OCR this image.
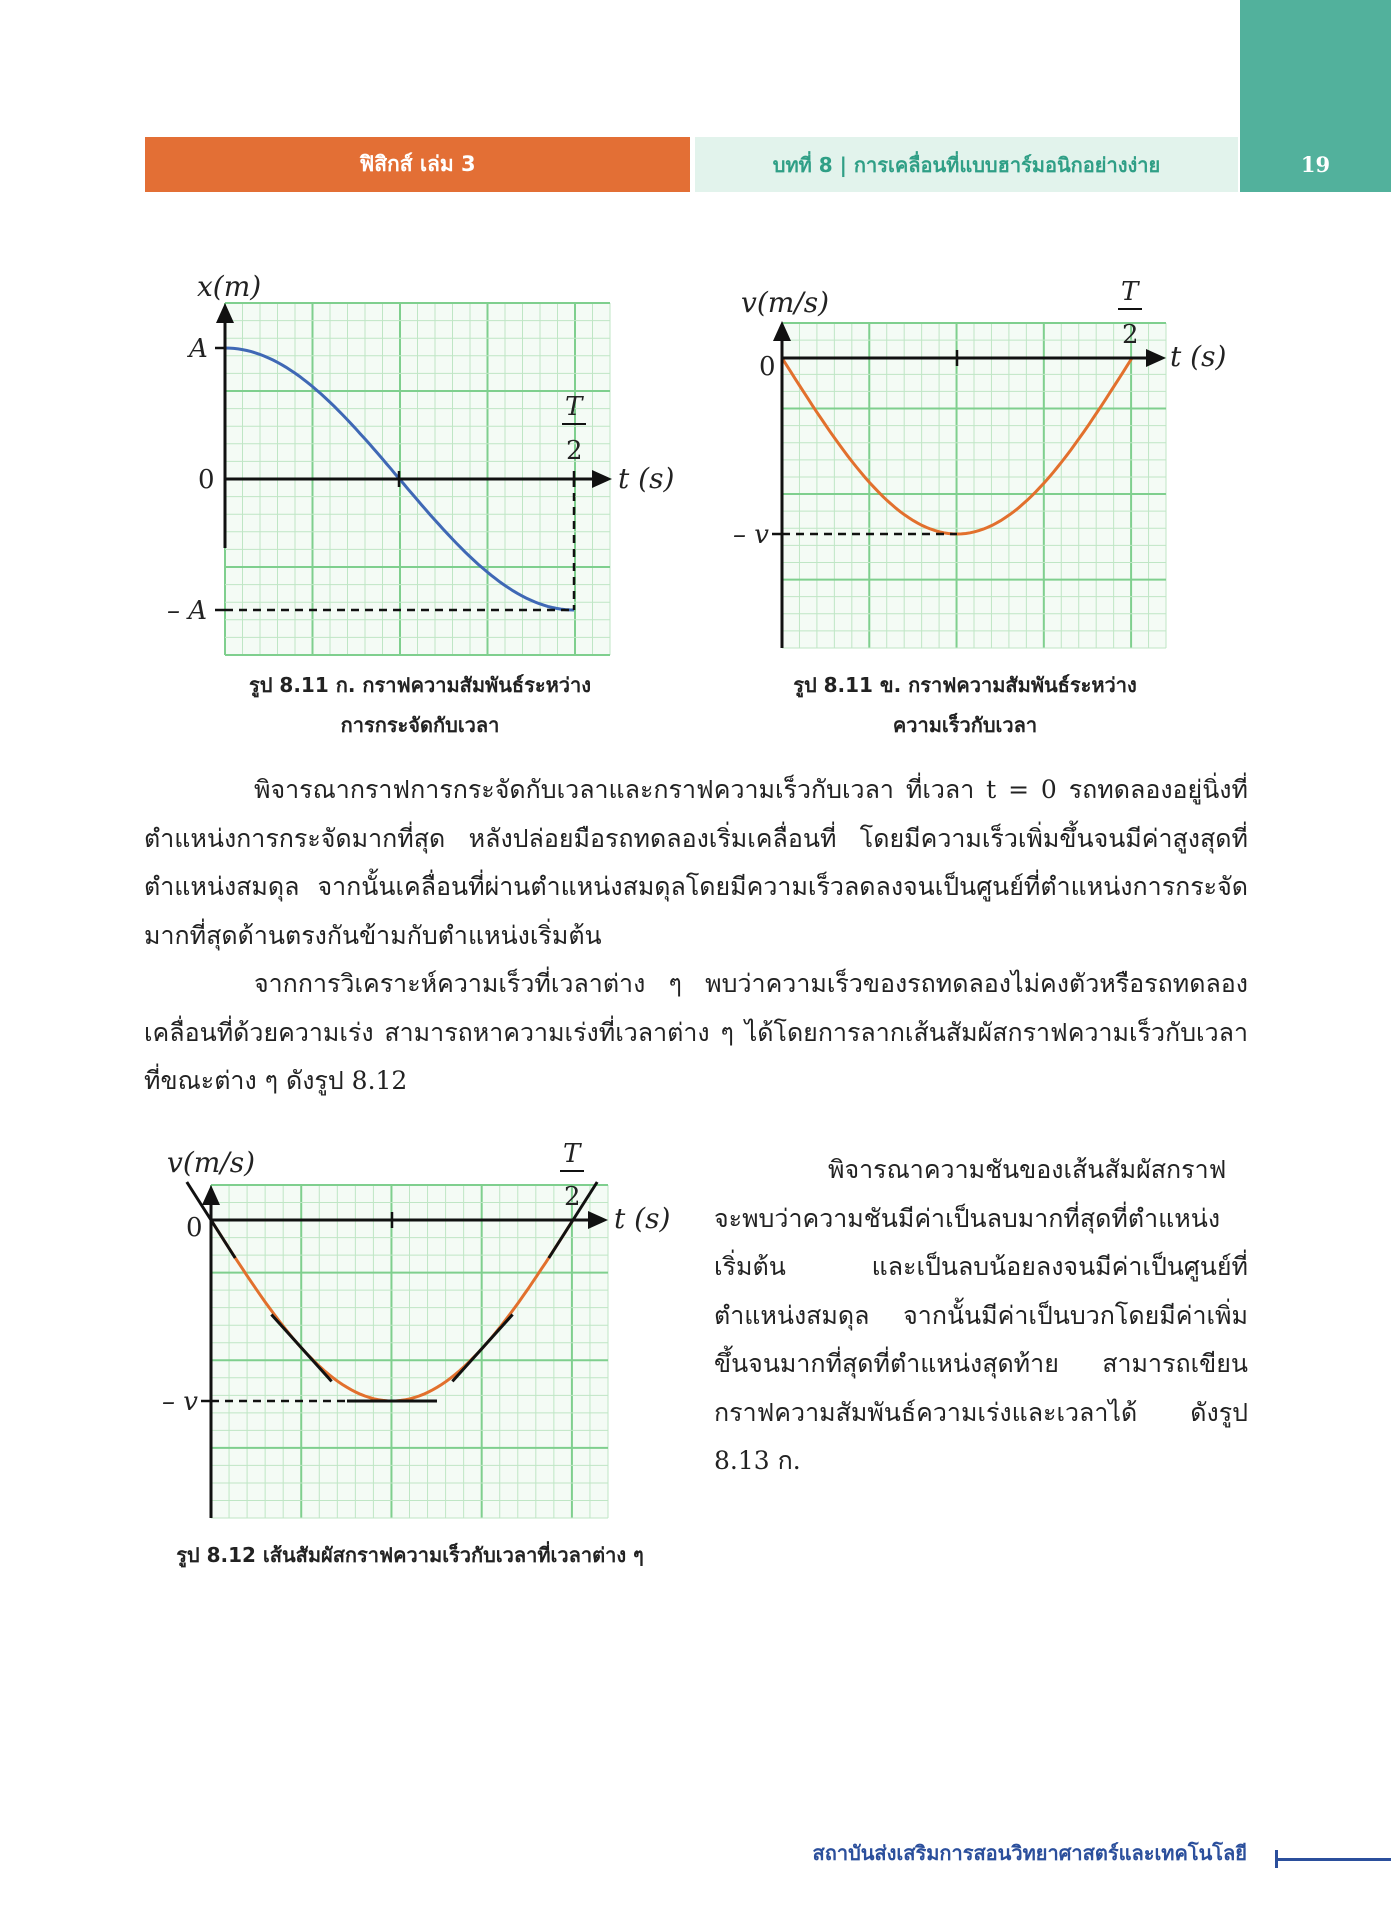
ฟิสิกส์ เล่ม 3	บทที่ 8 | การเคลื่อนที่แบบฮาร์มอนิกอย่างง่าย	19
x(m)
t (s)
A
0
– A
T
2
รูป 8.11 ก. กราฟความสัมพันธ์ระหว่าง
การกระจัดกับเวลา
v(m/s)
t (s)
0
– v
T
2
รูป 8.11 ข. กราฟความสัมพันธ์ระหว่าง
ความเร็วกับเวลา
พิจารณากราฟการกระจัดกับเวลาและกราฟความเร็วกับเวลา ที่เวลา t = 0 รถทดลองอยู่นิ่งที่ตำแหน่งการกระจัดมากที่สุด หลังปล่อยมือรถทดลองเริ่มเคลื่อนที่ โดยมีความเร็วเพิ่มขึ้นจนมีค่าสูงสุดที่ตำแหน่งสมดุล จากนั้นเคลื่อนที่ผ่านตำแหน่งสมดุลโดยมีความเร็วลดลงจนเป็นศูนย์ที่ตำแหน่งการกระจัดมากที่สุดด้านตรงกันข้ามกับตำแหน่งเริ่มต้น
จากการวิเคราะห์ความเร็วที่เวลาต่าง ๆ พบว่าความเร็วของรถทดลองไม่คงตัวหรือรถทดลองเคลื่อนที่ด้วยความเร่ง สามารถหาความเร่งที่เวลาต่าง ๆ ได้โดยการลากเส้นสัมผัสกราฟความเร็วกับเวลาที่ขณะต่าง ๆ ดังรูป 8.12
v(m/s)
t (s)
0
– v
T
2
รูป 8.12 เส้นสัมผัสกราฟความเร็วกับเวลาที่เวลาต่าง ๆ
พิจารณาความชันของเส้นสัมผัสกราฟจะพบว่าความชันมีค่าเป็นลบมากที่สุดที่ตำแหน่งเริ่มต้น และเป็นลบน้อยลงจนมีค่าเป็นศูนย์ที่ตำแหน่งสมดุล จากนั้นมีค่าเป็นบวกโดยมีค่าเพิ่มขึ้นจนมากที่สุดที่ตำแหน่งสุดท้าย สามารถเขียนกราฟความสัมพันธ์ความเร่งและเวลาได้ ดังรูป 8.13 ก.
สถาบันส่งเสริมการสอนวิทยาศาสตร์และเทคโนโลยี
